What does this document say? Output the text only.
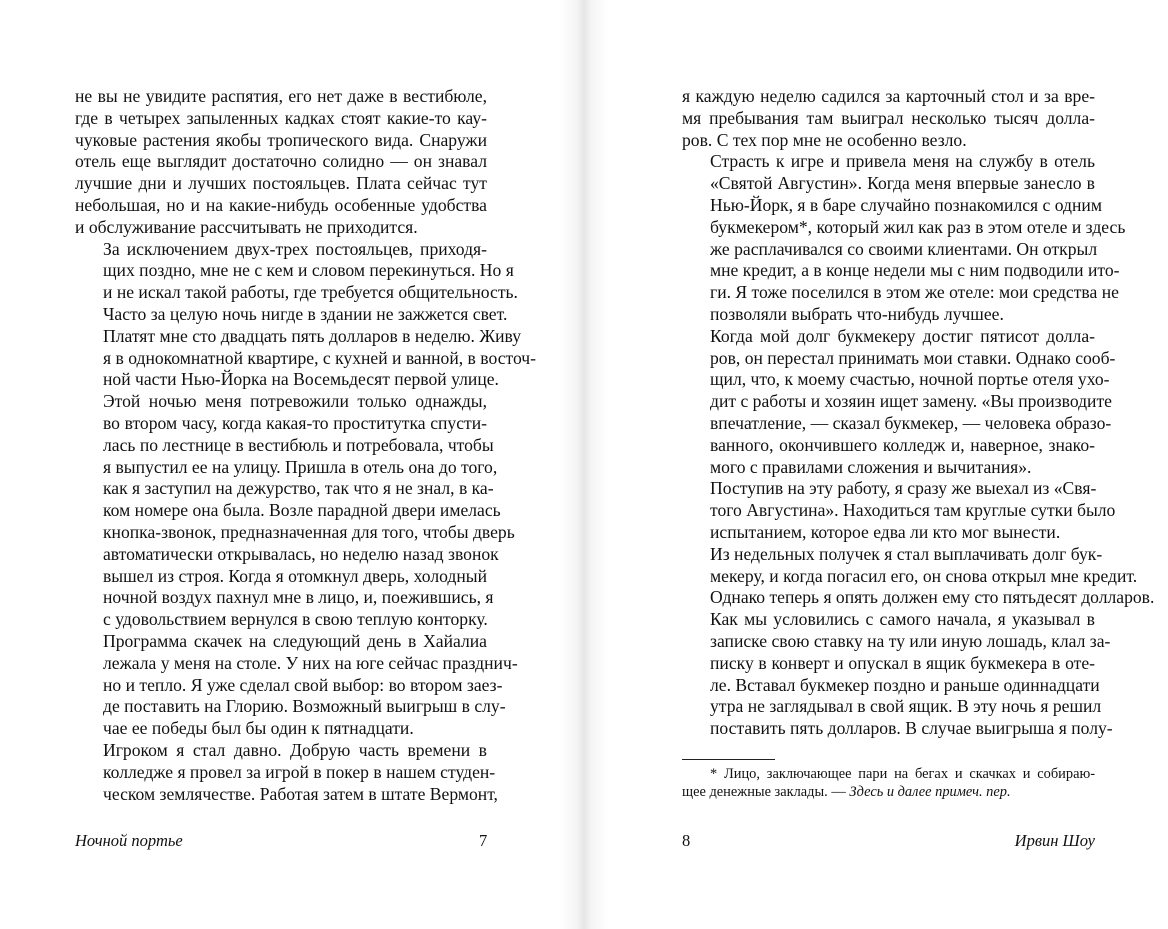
не вы не увидите распятия, его нет даже в вестибюле,
где в четырех запыленных кадках стоят какие-то кау-
чуковые растения якобы тропического вида. Снаружи
отель еще выглядит достаточно солидно — он знавал
лучшие дни и лучших постояльцев. Плата сейчас тут
небольшая, но и на какие-нибудь особенные удобства
и обслуживание рассчитывать не приходится.

За исключением двух-трех постояльцев, приходя-
щих поздно, мне не с кем и словом перекинуться. Но я
и не искал такой работы, где требуется общительность.
Часто за целую ночь нигде в здании не зажжется свет.

Платят мне сто двадцать пять долларов в неделю. Живу
я в однокомнатной квартире, с кухней и ванной, в восточ-
ной части Нью-Йорка на Восемьдесят первой улице.

Этой ночью меня потревожили только однажды,
во втором часу, когда какая-то проститутка спусти-
лась по лестнице в вестибюль и потребовала, чтобы
я выпустил ее на улицу. Пришла в отель она до того,
как я заступил на дежурство, так что я не знал, в ка-
ком номере она была. Возле парадной двери имелась
кнопка-звонок, предназначенная для того, чтобы дверь
автоматически открывалась, но неделю назад звонок
вышел из строя. Когда я отомкнул дверь, холодный
ночной воздух пахнул мне в лицо, и, поежившись, я
с удовольствием вернулся в свою теплую конторку.

Программа скачек на следующий день в Хайалиа
лежала у меня на столе. У них на юге сейчас празднич-
но и тепло. Я уже сделал свой выбор: во втором заез-
де поставить на Глорию. Возможный выигрыш в слу-
чае ее победы был бы один к пятнадцати.

Игроком я стал давно. Добрую часть времени в
колледже я провел за игрой в покер в нашем студен-
ческом землячестве. Работая затем в штате Вермонт,

Ночной портье	7

я каждую неделю садился за карточный стол и за вре-
мя пребывания там выиграл несколько тысяч долла-
ров. С тех пор мне не особенно везло.

Страсть к игре и привела меня на службу в отель
«Святой Августин». Когда меня впервые занесло в
Нью-Йорк, я в баре случайно познакомился с одним
букмекером*, который жил как раз в этом отеле и здесь
же расплачивался со своими клиентами. Он открыл
мне кредит, а в конце недели мы с ним подводили ито-
ги. Я тоже поселился в этом же отеле: мои средства не
позволяли выбрать что-нибудь лучшее.

Когда мой долг букмекеру достиг пятисот долла-
ров, он перестал принимать мои ставки. Однако сооб-
щил, что, к моему счастью, ночной портье отеля ухо-
дит с работы и хозяин ищет замену. «Вы производите
впечатление, — сказал букмекер, — человека образо-
ванного, окончившего колледж и, наверное, знако-
мого с правилами сложения и вычитания».

Поступив на эту работу, я сразу же выехал из «Свя-
того Августина». Находиться там круглые сутки было
испытанием, которое едва ли кто мог вынести.

Из недельных получек я стал выплачивать долг бук-
мекеру, и когда погасил его, он снова открыл мне кредит.
Однако теперь я опять должен ему сто пятьдесят долларов.

Как мы условились с самого начала, я указывал в
записке свою ставку на ту или иную лошадь, клал за-
писку в конверт и опускал в ящик букмекера в оте-
ле. Вставал букмекер поздно и раньше одиннадцати
утра не заглядывал в свой ящик. В эту ночь я решил
поставить пять долларов. В случае выигрыша я полу-

* Лицо, заключающее пари на бегах и скачках и собираю-
щее денежные заклады. — Здесь и далее примеч. пер.
8	Ирвин Шоу
